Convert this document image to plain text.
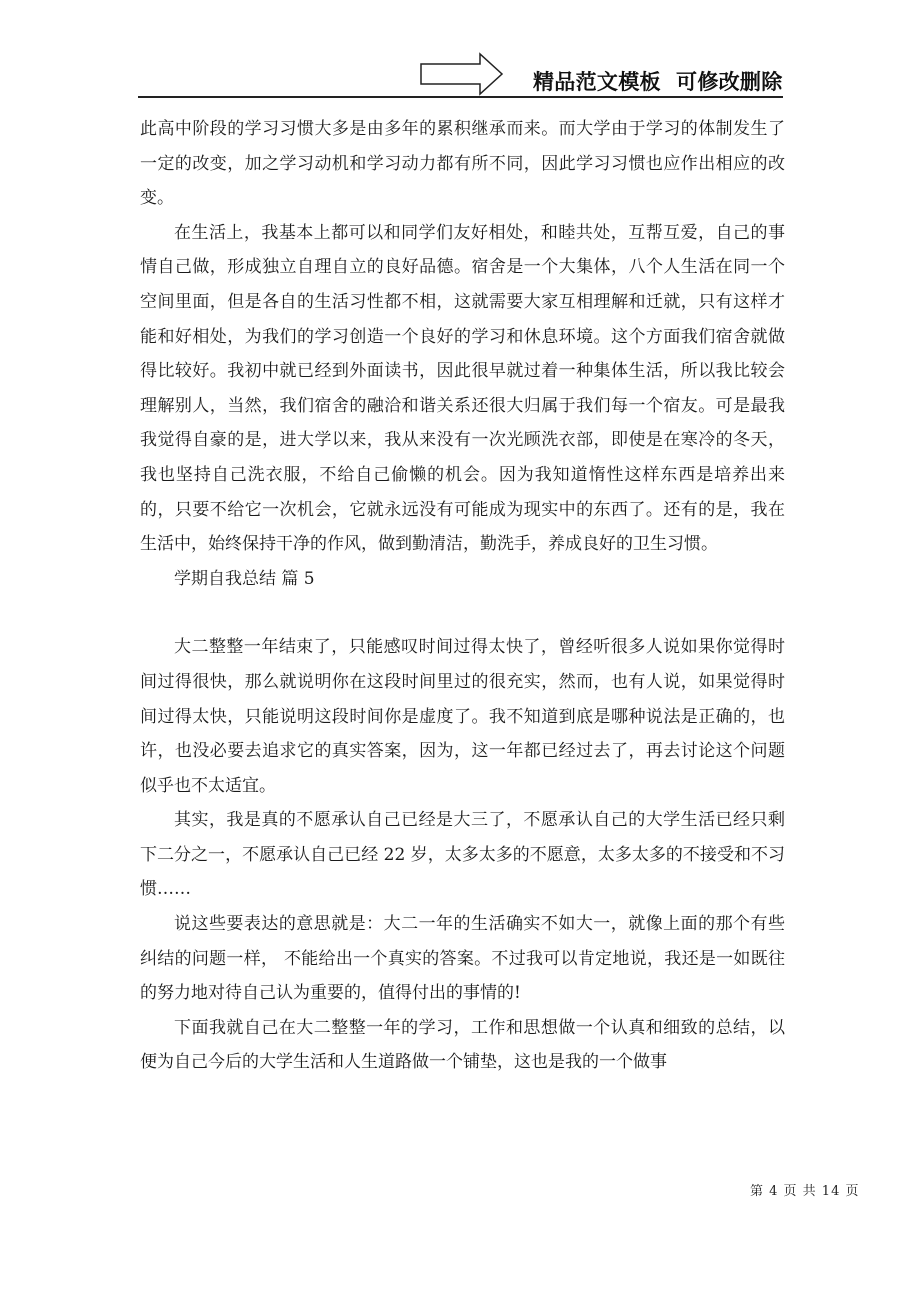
精品范文模板  可修改删除

此高中阶段的学习习惯大多是由多年的累积继承而来。而大学由于学习的体制发生了一定的改变，加之学习动机和学习动力都有所不同，因此学习习惯也应作出相应的改变。

在生活上，我基本上都可以和同学们友好相处，和睦共处，互帮互爱，自己的事情自己做，形成独立自理自立的良好品德。宿舍是一个大集体，八个人生活在同一个空间里面，但是各自的生活习性都不相，这就需要大家互相理解和迁就，只有这样才能和好相处，为我们的学习创造一个良好的学习和休息环境。这个方面我们宿舍就做得比较好。我初中就已经到外面读书，因此很早就过着一种集体生活，所以我比较会理解别人，当然，我们宿舍的融洽和谐关系还很大归属于我们每一个宿友。可是最我我觉得自豪的是，进大学以来，我从来没有一次光顾洗衣部，即使是在寒冷的冬天，我也坚持自己洗衣服，不给自己偷懒的机会。因为我知道惰性这样东西是培养出来的，只要不给它一次机会，它就永远没有可能成为现实中的东西了。还有的是，我在生活中，始终保持干净的作风，做到勤清洁，勤洗手，养成良好的卫生习惯。

学期自我总结 篇 5

大二整整一年结束了，只能感叹时间过得太快了，曾经听很多人说如果你觉得时间过得很快，那么就说明你在这段时间里过的很充实，然而，也有人说，如果觉得时间过得太快，只能说明这段时间你是虚度了。我不知道到底是哪种说法是正确的，也许，也没必要去追求它的真实答案，因为，这一年都已经过去了，再去讨论这个问题似乎也不太适宜。

其实，我是真的不愿承认自己已经是大三了，不愿承认自己的大学生活已经只剩下二分之一，不愿承认自己已经 22 岁，太多太多的不愿意，太多太多的不接受和不习惯……

说这些要表达的意思就是：大二一年的生活确实不如大一，就像上面的那个有些纠结的问题一样， 不能给出一个真实的答案。不过我可以肯定地说，我还是一如既往的努力地对待自己认为重要的，值得付出的事情的!

下面我就自己在大二整整一年的学习，工作和思想做一个认真和细致的总结，以便为自己今后的大学生活和人生道路做一个铺垫，这也是我的一个做事

第 4 页 共 14 页
